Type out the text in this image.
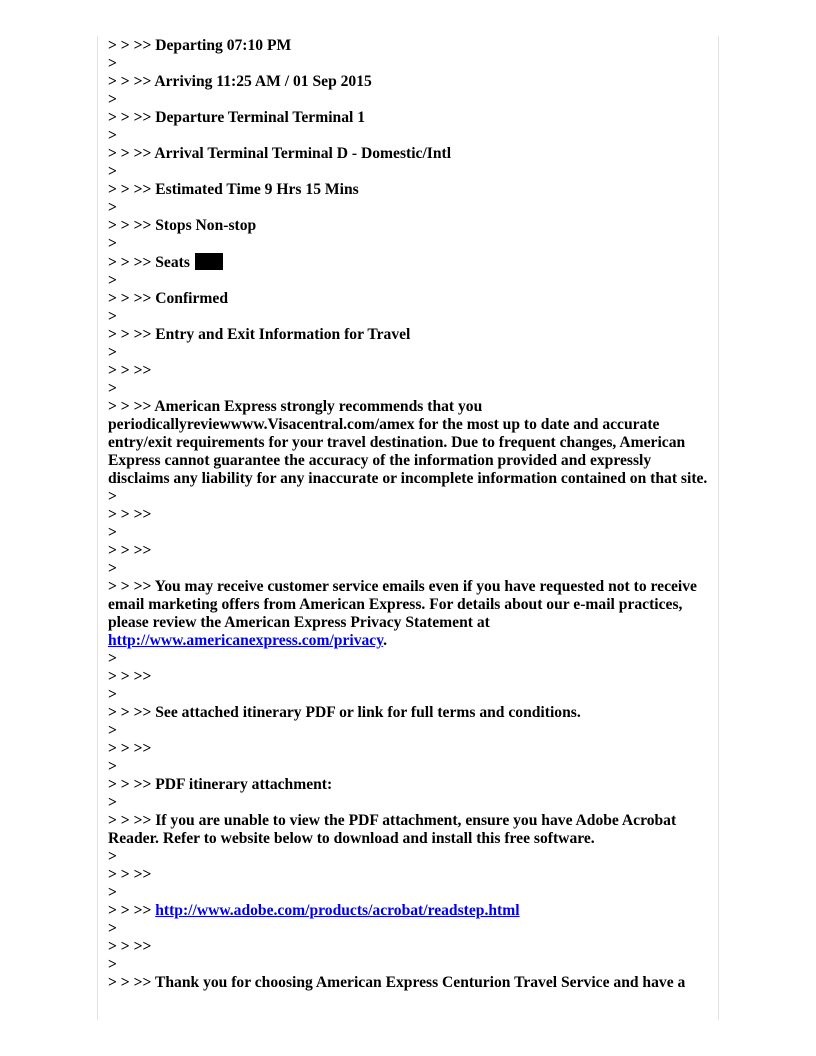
> > >> Departing 07:10 PM
>
> > >> Arriving 11:25 AM / 01 Sep 2015
>
> > >> Departure Terminal Terminal 1
>
> > >> Arrival Terminal Terminal D - Domestic/Intl
>
> > >> Estimated Time 9 Hrs 15 Mins
>
> > >> Stops Non-stop
>
> > >> Seats
>
> > >> Confirmed
>
> > >> Entry and Exit Information for Travel
>
> > >>
>
> > >> American Express strongly recommends that you periodicallyreviewwww.Visacentral.com/amex for the most up to date and accurate entry/exit requirements for your travel destination. Due to frequent changes, American Express cannot guarantee the accuracy of the information provided and expressly disclaims any liability for any inaccurate or incomplete information contained on that site.
>
> > >>
>
> > >>
>
> > >> You may receive customer service emails even if you have requested not to receive email marketing offers from American Express. For details about our e-mail practices, please review the American Express Privacy Statement at http://www.americanexpress.com/privacy.
>
> > >>
>
> > >> See attached itinerary PDF or link for full terms and conditions.
>
> > >>
>
> > >> PDF itinerary attachment:
>
> > >> If you are unable to view the PDF attachment, ensure you have Adobe Acrobat Reader. Refer to website below to download and install this free software.
>
> > >>
>
> > >> http://www.adobe.com/products/acrobat/readstep.html
>
> > >>
>
> > >> Thank you for choosing American Express Centurion Travel Service and have a
